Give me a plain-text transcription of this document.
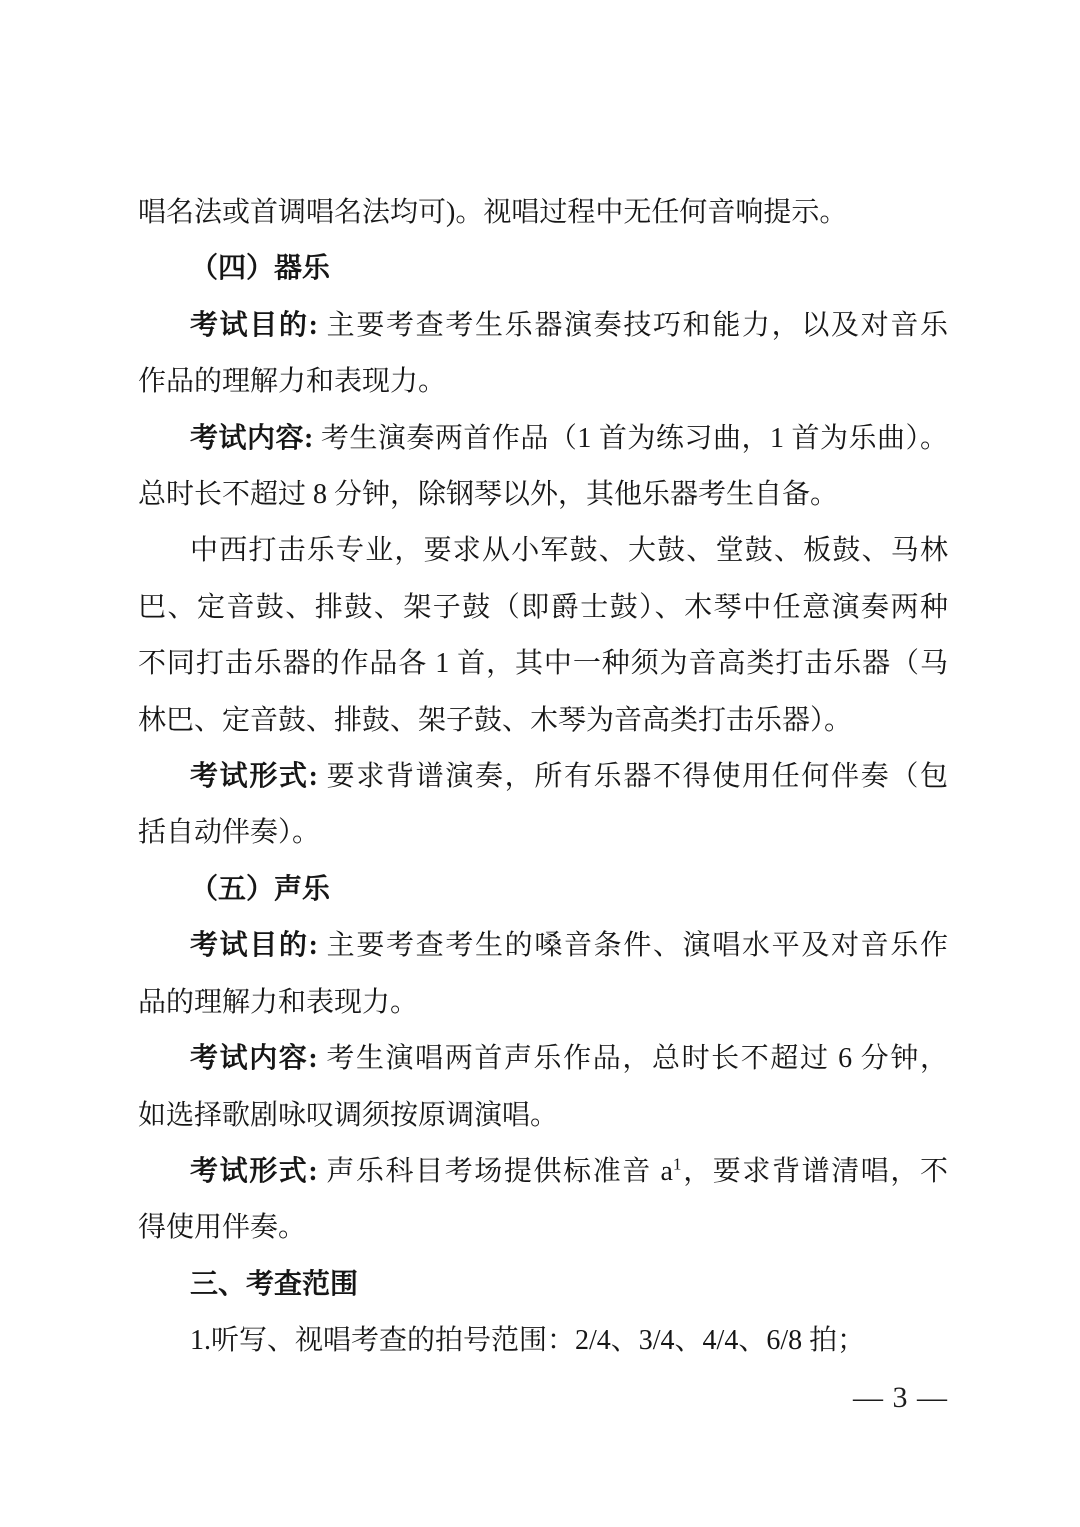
唱名法或首调唱名法均可)。视唱过程中无任何音响提示。
（四）器乐
考试目的: 主要考查考生乐器演奏技巧和能力，以及对音乐
作品的理解力和表现力。
考试内容: 考生演奏两首作品（1 首为练习曲，1 首为乐曲）。
总时长不超过 8 分钟，除钢琴以外，其他乐器考生自备。
中西打击乐专业，要求从小军鼓、大鼓、堂鼓、板鼓、马林
巴、定音鼓、排鼓、架子鼓（即爵士鼓）、木琴中任意演奏两种
不同打击乐器的作品各 1 首，其中一种须为音高类打击乐器（马
林巴、定音鼓、排鼓、架子鼓、木琴为音高类打击乐器）。
考试形式: 要求背谱演奏，所有乐器不得使用任何伴奏（包
括自动伴奏）。
（五）声乐
考试目的: 主要考查考生的嗓音条件、演唱水平及对音乐作
品的理解力和表现力。
考试内容: 考生演唱两首声乐作品，总时长不超过 6 分钟，
如选择歌剧咏叹调须按原调演唱。
考试形式: 声乐科目考场提供标准音 $a^1$，要求背谱清唱，不
得使用伴奏。
三、考查范围
1.听写、视唱考查的拍号范围：2/4、3/4、4/4、6/8 拍；
— 3 —
